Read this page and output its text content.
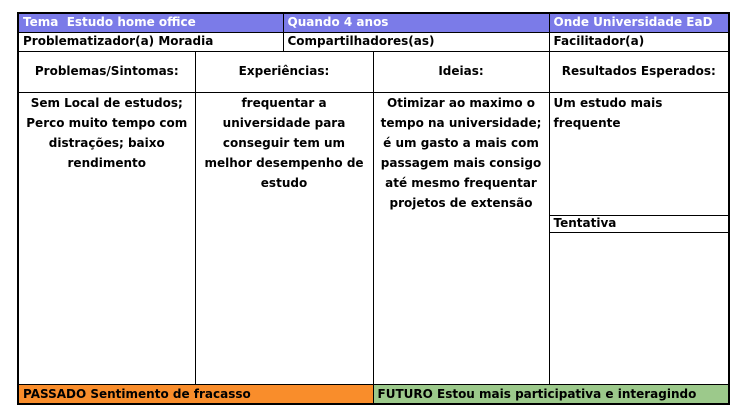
Tema  Estudo home office		Quando 4 anos		Onde Universidade EaD
Problematizador(a) Moradia		Compartilhadores(as)		Facilitador(a)
Problemas/Sintomas:	Experiências:		Ideias:	Resultados Esperados:
Sem Local de estudos; Perco muito tempo com distrações; baixo rendimento	frequentar a universidade para conseguir tem um melhor desempenho de estudo		Otimizar ao maximo o tempo na universidade; é um gasto a mais com passagem mais consigo até mesmo frequentar projetos de extensão	Um estudo mais frequente
				Tentativa

PASSADO Sentimento de fracasso			FUTURO Estou mais participativa e interagindo	
